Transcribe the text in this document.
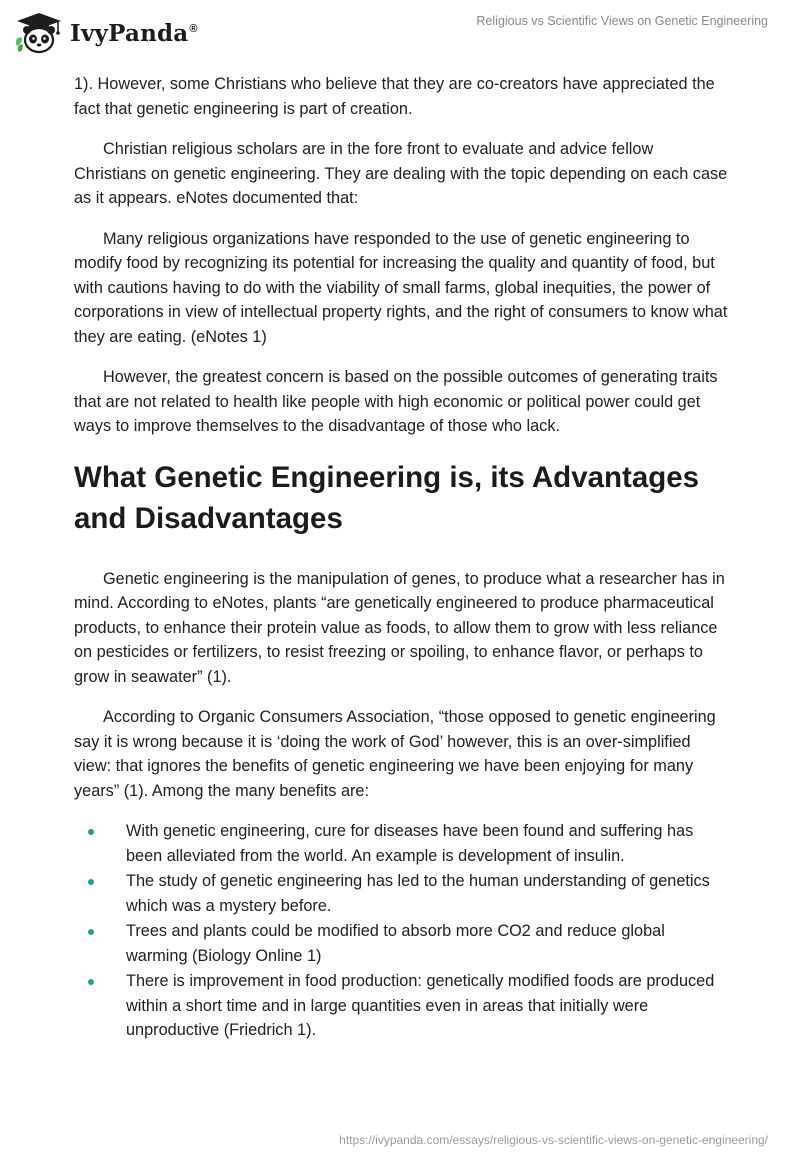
IvyPanda®
Religious vs Scientific Views on Genetic Engineering

1). However, some Christians who believe that they are co-creators have appreciated the fact that genetic engineering is part of creation.

Christian religious scholars are in the fore front to evaluate and advice fellow Christians on genetic engineering. They are dealing with the topic depending on each case as it appears. eNotes documented that:

Many religious organizations have responded to the use of genetic engineering to modify food by recognizing its potential for increasing the quality and quantity of food, but with cautions having to do with the viability of small farms, global inequities, the power of corporations in view of intellectual property rights, and the right of consumers to know what they are eating. (eNotes 1)

However, the greatest concern is based on the possible outcomes of generating traits that are not related to health like people with high economic or political power could get ways to improve themselves to the disadvantage of those who lack.

What Genetic Engineering is, its Advantages and Disadvantages

Genetic engineering is the manipulation of genes, to produce what a researcher has in mind. According to eNotes, plants “are genetically engineered to produce pharmaceutical products, to enhance their protein value as foods, to allow them to grow with less reliance on pesticides or fertilizers, to resist freezing or spoiling, to enhance flavor, or perhaps to grow in seawater” (1).

According to Organic Consumers Association, “those opposed to genetic engineering say it is wrong because it is ‘doing the work of God’ however, this is an over-simplified view: that ignores the benefits of genetic engineering we have been enjoying for many years” (1). Among the many benefits are:

With genetic engineering, cure for diseases have been found and suffering has been alleviated from the world. An example is development of insulin.
The study of genetic engineering has led to the human understanding of genetics which was a mystery before.
Trees and plants could be modified to absorb more CO2 and reduce global warming (Biology Online 1)
There is improvement in food production: genetically modified foods are produced within a short time and in large quantities even in areas that initially were unproductive (Friedrich 1).
https://ivypanda.com/essays/religious-vs-scientific-views-on-genetic-engineering/
